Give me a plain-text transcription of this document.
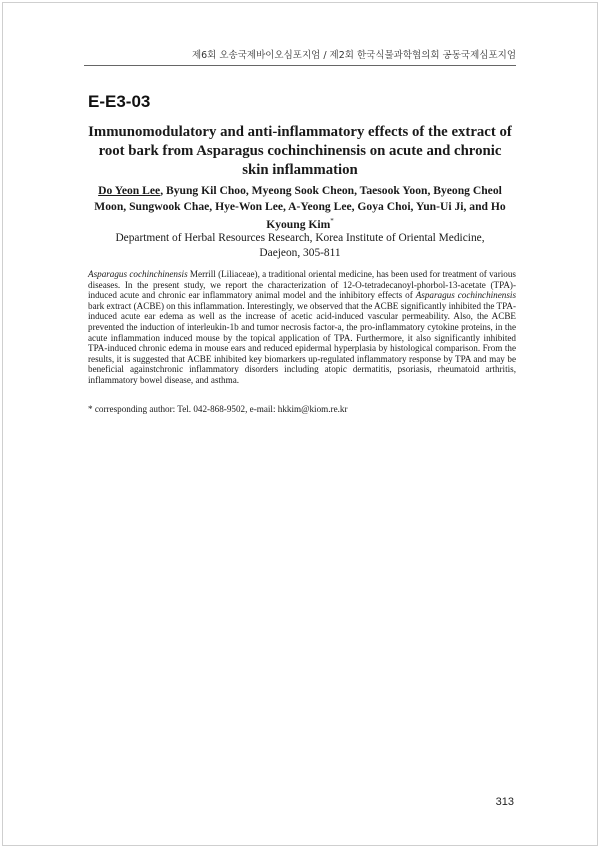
제6회 오송국제바이오심포지엄 / 제2회 한국식물과학협의회 공동국제심포지엄
E-E3-03
Immunomodulatory and anti-inflammatory effects of the extract of root bark from Asparagus cochinchinensis on acute and chronic skin inflammation
Do Yeon Lee, Byung Kil Choo, Myeong Sook Cheon, Taesook Yoon, Byeong Cheol Moon, Sungwook Chae, Hye-Won Lee, A-Yeong Lee, Goya Choi, Yun-Ui Ji, and Ho Kyoung Kim*
Department of Herbal Resources Research, Korea Institute of Oriental Medicine,
Daejeon, 305-811
Asparagus cochinchinensis Merrill (Liliaceae), a traditional oriental medicine, has been used for treatment of various diseases. In the present study, we report the characterization of 12-O-tetradecanoyl-phorbol-13-acetate (TPA)-induced acute and chronic ear inflammatory animal model and the inhibitory effects of Asparagus cochinchinensis bark extract (ACBE) on this inflammation. Interestingly, we observed that the ACBE significantly inhibited the TPA-induced acute ear edema as well as the increase of acetic acid-induced vascular permeability. Also, the ACBE prevented the induction of interleukin-1b and tumor necrosis factor-a, the pro-inflammatory cytokine proteins, in the acute inflammation induced mouse by the topical application of TPA. Furthermore, it also significantly inhibited TPA-induced chronic edema in mouse ears and reduced epidermal hyperplasia by histological comparison. From the results, it is suggested that ACBE inhibited key biomarkers up-regulated inflammatory response by TPA and may be beneficial againstchronic inflammatory disorders including atopic dermatitis, psoriasis, rheumatoid arthritis, inflammatory bowel disease, and asthma.
* corresponding author: Tel. 042-868-9502, e-mail: hkkim@kiom.re.kr
313
